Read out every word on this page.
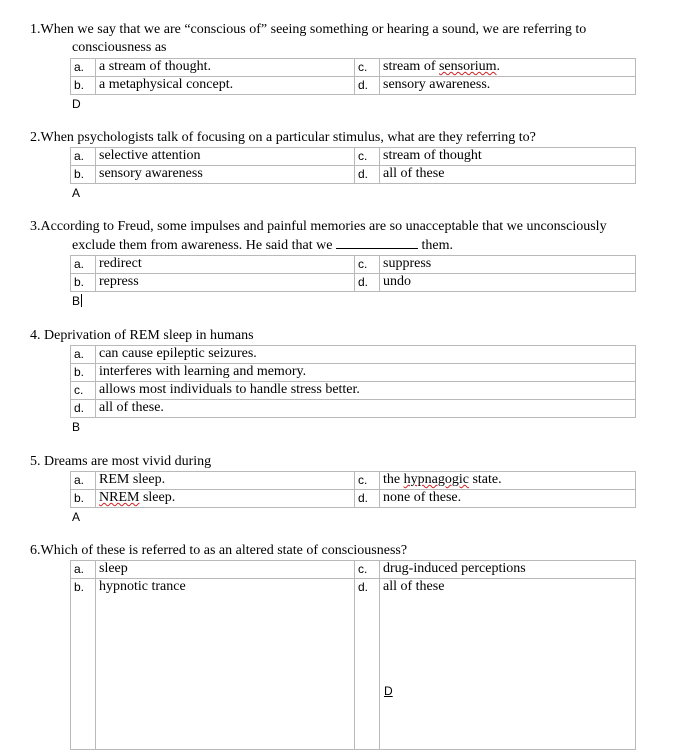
1.When we say that we are “conscious of” seeing something or hearing a sound, we are referring to
consciousness as
a.	a stream of thought.	c.	stream of sensorium.
b.	a metaphysical concept.	d.	sensory awareness.
D
2.When psychologists talk of focusing on a particular stimulus, what are they referring to?
a.	selective attention	c.	stream of thought
b.	sensory awareness	d.	all of these
A
3.According to Freud, some impulses and painful memories are so unacceptable that we unconsciously
exclude them from awareness. He said that we	them.
a.	redirect	c.	suppress
b.	repress	d.	undo
B
4. Deprivation of REM sleep in humans
a.	can cause epileptic seizures.
b.	interferes with learning and memory.
c.	allows most individuals to handle stress better.
d.	all of these.
B
5. Dreams are most vivid during
a.	REM sleep.	c.	the hypnagogic state.
b.	NREM sleep.	d.	none of these.
A
6.Which of these is referred to as an altered state of consciousness?
a.	sleep	c.	drug-induced perceptions
b.	hypnotic trance	d.	all of these
D
